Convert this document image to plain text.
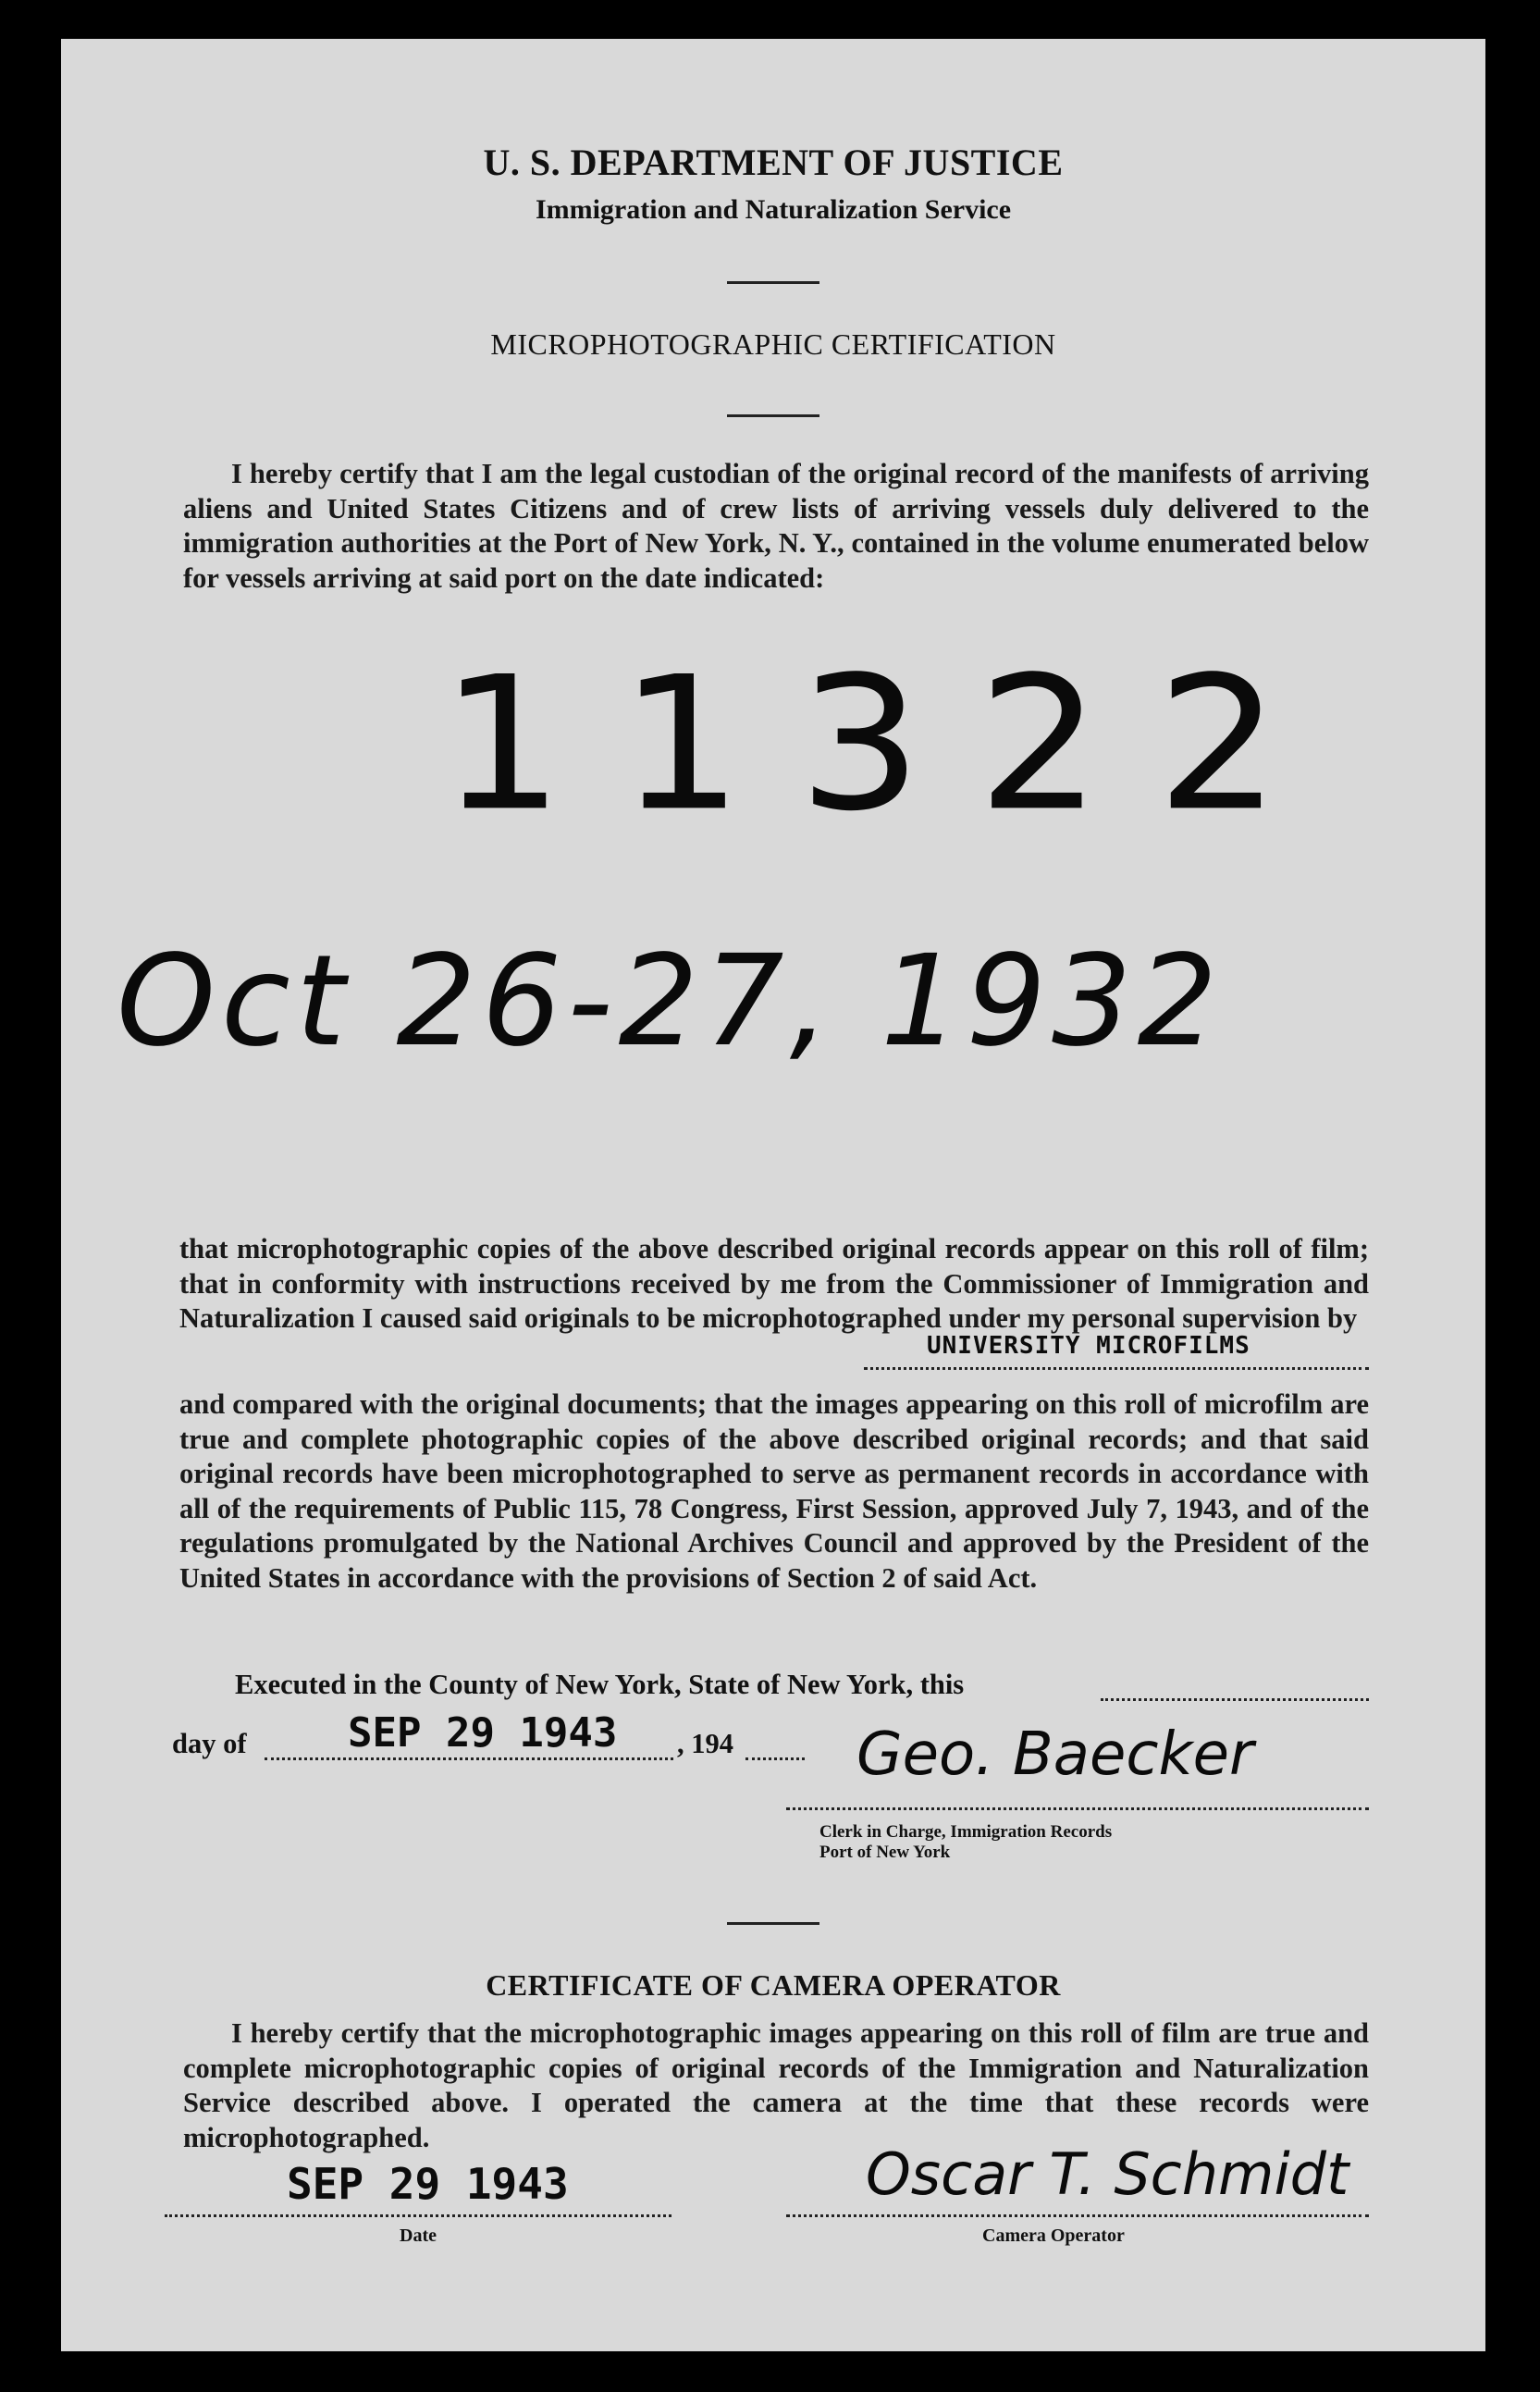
U. S. DEPARTMENT OF JUSTICE
Immigration and Naturalization Service
MICROPHOTOGRAPHIC CERTIFICATION
I hereby certify that I am the legal custodian of the original record of the manifests of arriving aliens and United States Citizens and of crew lists of arriving vessels duly delivered to the immigration authorities at the Port of New York, N. Y., contained in the volume enumerated below for vessels arriving at said port on the date indicated:
11322
Oct 26-27, 1932
that microphotographic copies of the above described original records appear on this roll of film; that in conformity with instructions received by me from the Commissioner of Immigration and Naturalization I caused said originals to be microphotographed under my personal supervision by
UNIVERSITY MICROFILMS
and compared with the original documents; that the images appearing on this roll of microfilm are true and complete photographic copies of the above described original records; and that said original records have been microphotographed to serve as permanent records in accordance with all of the requirements of Public 115, 78 Congress, First Session, approved July 7, 1943, and of the regulations promulgated by the National Archives Council and approved by the President of the United States in accordance with the provisions of Section 2 of said Act.
Executed in the County of New York, State of New York, this
day of SEP 29 1943 , 194 Geo. Baecker
Clerk in Charge, Immigration Records
Port of New York
CERTIFICATE OF CAMERA OPERATOR
I hereby certify that the microphotographic images appearing on this roll of film are true and complete microphotographic copies of original records of the Immigration and Naturalization Service described above. I operated the camera at the time that these records were microphotographed.
SEP 29 1943
Date
Oscar T. Schmidt
Camera Operator
